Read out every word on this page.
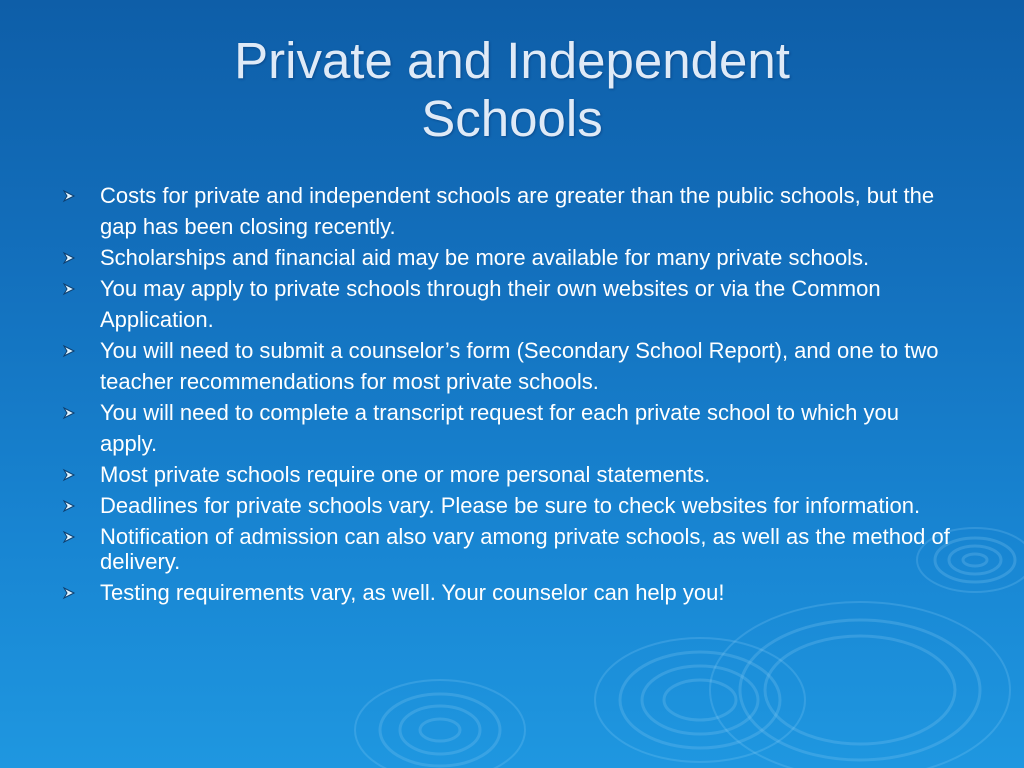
Private and Independent
Schools
Costs for private and independent schools are greater than the public schools, but the gap has been closing recently.
Scholarships and financial aid may be more available for many private schools.
You may apply to private schools through their own websites or via the Common Application.
You will need to submit a counselor’s form (Secondary School Report), and one to two teacher recommendations for most private schools.
You will need to complete a transcript request for each private school to which you apply.
Most private schools require one or more personal statements.
Deadlines for private schools vary. Please be sure to check websites for information.
Notification of admission can also vary among private schools, as well as the method of delivery.
Testing requirements vary, as well. Your counselor can help you!
